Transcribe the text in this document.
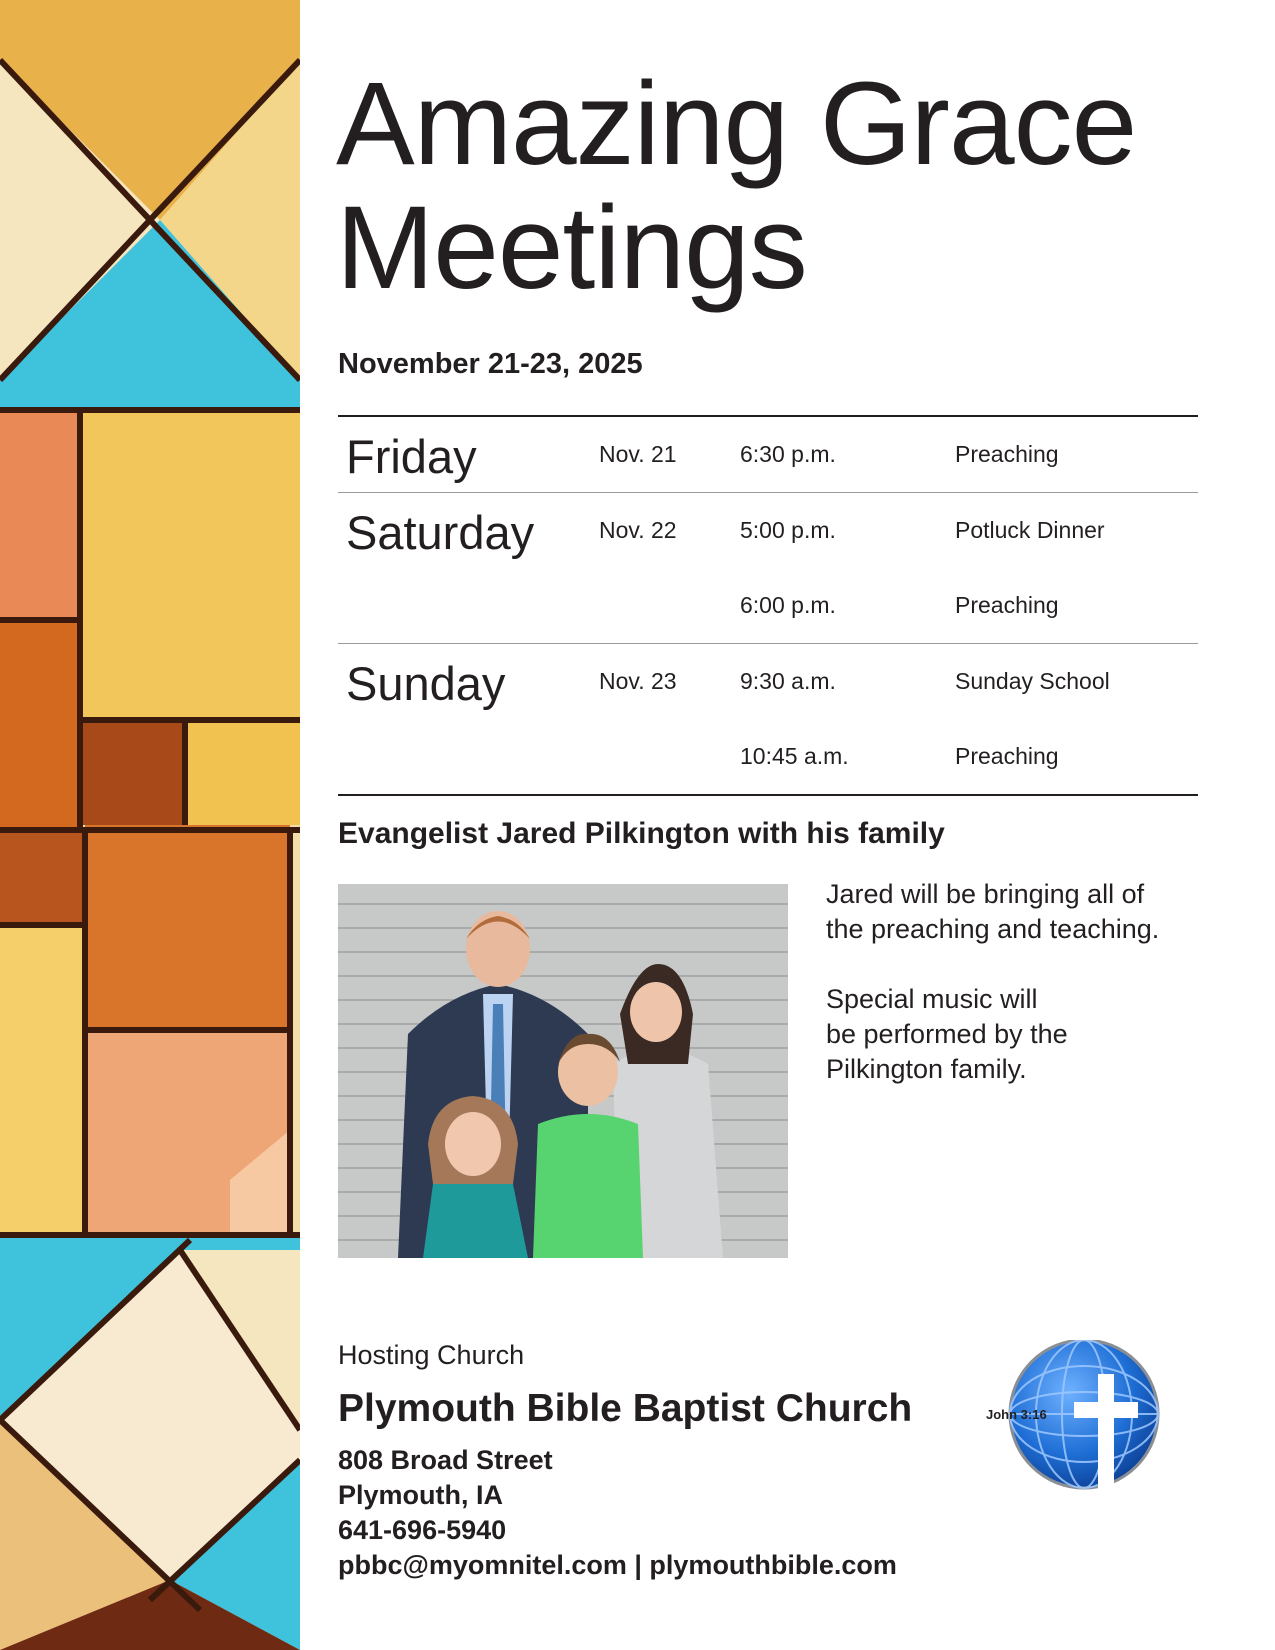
Amazing Grace
Meetings
November 21-23, 2025
Friday	Nov. 21	6:30 p.m.	Preaching
Saturday	Nov. 22	5:00 p.m.	Potluck Dinner
6:00 p.m.	Preaching
Sunday	Nov. 23	9:30 a.m.	Sunday School
10:45 a.m.	Preaching
Evangelist Jared Pilkington with his family

Jared will be bringing all of
the preaching and teaching.

Special music will
be performed by the
Pilkington family.

Hosting Church
Plymouth Bible Baptist Church
808 Broad Street
Plymouth, IA
641-696-5940
pbbc@myomnitel.com | plymouthbible.com
John 3:16
